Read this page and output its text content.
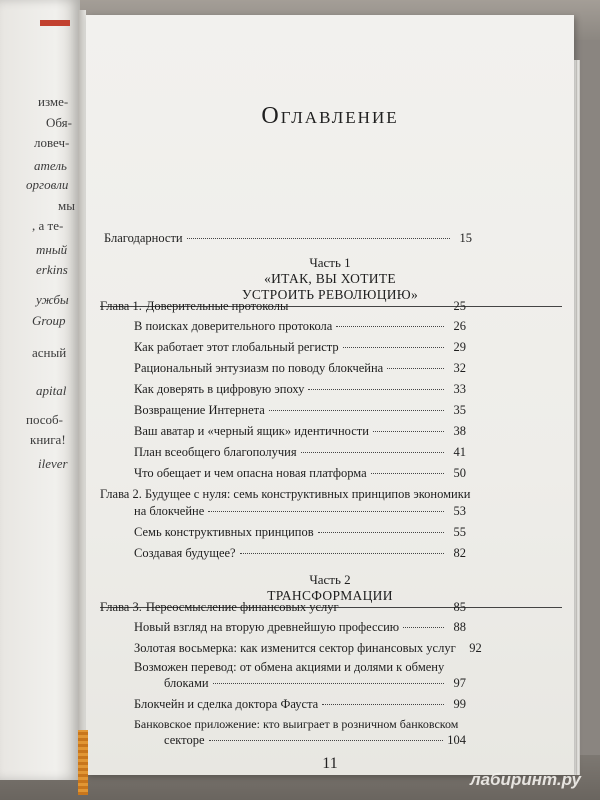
изме-
Обя-
ловеч-
атель
орговли
мы
, а те-
тный
erkins
ужбы
Group
асный
apital
пособ-
книга!
ilever
Оглавление
Благодарности	15
Часть 1
«ИТАК, ВЫ ХОТИТЕ
УСТРОИТЬ РЕВОЛЮЦИЮ»
Глава 1. Доверительные протоколы	25
В поисках доверительного протокола	26
Как работает этот глобальный регистр	29
Рациональный энтузиазм по поводу блокчейна	32
Как доверять в цифровую эпоху	33
Возвращение Интернета	35
Ваш аватар и «черный ящик» идентичности	38
План всеобщего благополучия	41
Что обещает и чем опасна новая платформа	50
Глава 2. Будущее с нуля: семь конструктивных принципов экономики
на блокчейне	53
Семь конструктивных принципов	55
Создавая будущее?	82
Часть 2
ТРАНСФОРМАЦИИ
Глава 3. Переосмысление финансовых услуг	85
Новый взгляд на вторую древнейшую профессию	88
Золотая восьмерка: как изменится сектор финансовых услуг	92
Возможен перевод: от обмена акциями и долями к обмену
блоками	97
Блокчейн и сделка доктора Фауста	99
Банковское приложение: кто выиграет в розничном банковском
секторе	104
11
лабиринт.ру
